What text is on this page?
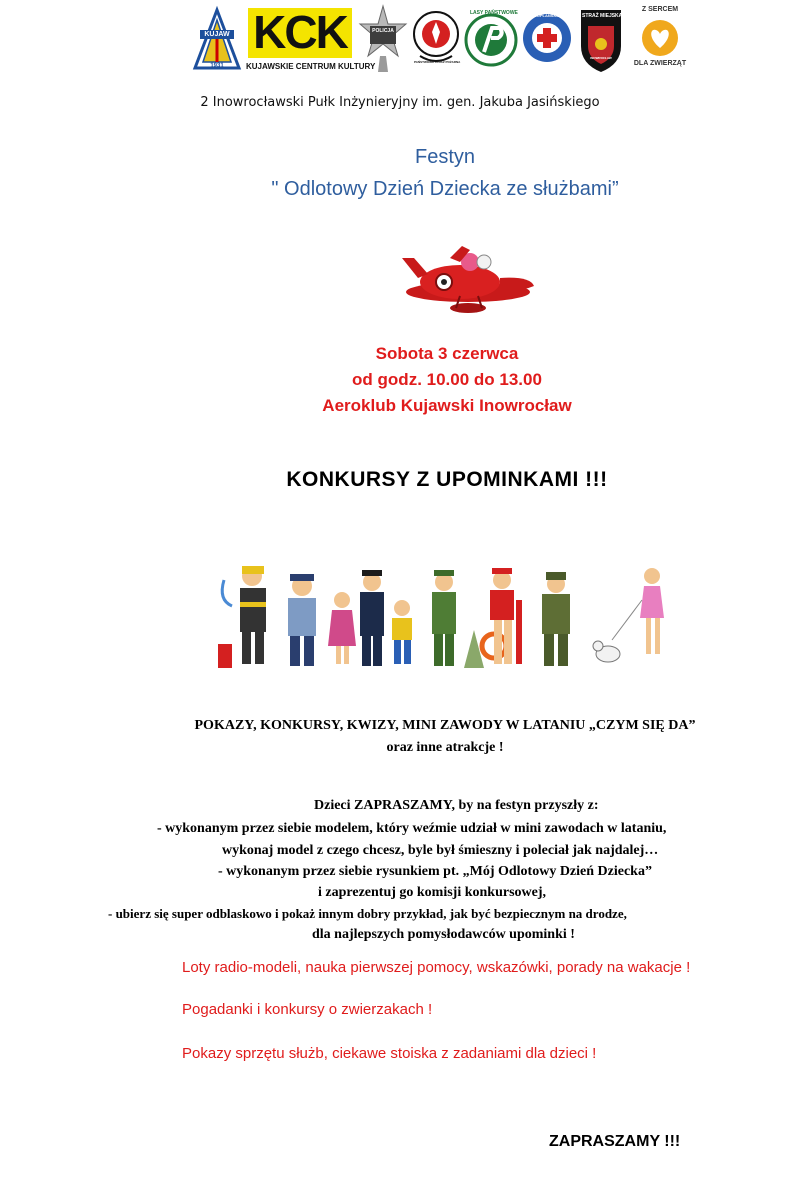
KUJAW
1931
KCK
KUJAWSKIE CENTRUM KULTURY
POLICJA
PAŃSTWOWA STRAŻ POŻARNA
LASY PAŃSTWOWE NADGOPLAŃSKIE WOPR STRAŻ MIEJSKA
INOWROCŁAW
Z SERCEM
DLA ZWIERZĄT
2 Inowrocławski Pułk Inżynieryjny im. gen. Jakuba Jasińskiego
Festyn
" Odlotowy Dzień Dziecka ze służbami”
Sobota 3 czerwca
od godz. 10.00 do 13.00
Aeroklub Kujawski Inowrocław
KONKURSY Z UPOMINKAMI !!!
POKAZY, KONKURSY, KWIZY, MINI ZAWODY W LATANIU „CZYM SIĘ DA”
oraz inne atrakcje !
Dzieci ZAPRASZAMY, by na festyn przyszły z:
- wykonanym przez siebie modelem, który weźmie udział w mini zawodach w lataniu,
wykonaj model z czego chcesz, byle był śmieszny i poleciał jak najdalej…
- wykonanym przez siebie rysunkiem pt. „Mój Odlotowy Dzień Dziecka”
i zaprezentuj go komisji konkursowej,
- ubierz się super odblaskowo i pokaż innym dobry przykład, jak być bezpiecznym na drodze,
dla najlepszych pomysłodawców upominki !
Loty radio-modeli, nauka pierwszej pomocy, wskazówki, porady na wakacje !
Pogadanki i konkursy o zwierzakach !
Pokazy sprzętu służb, ciekawe stoiska z zadaniami dla dzieci !
ZAPRASZAMY !!!
